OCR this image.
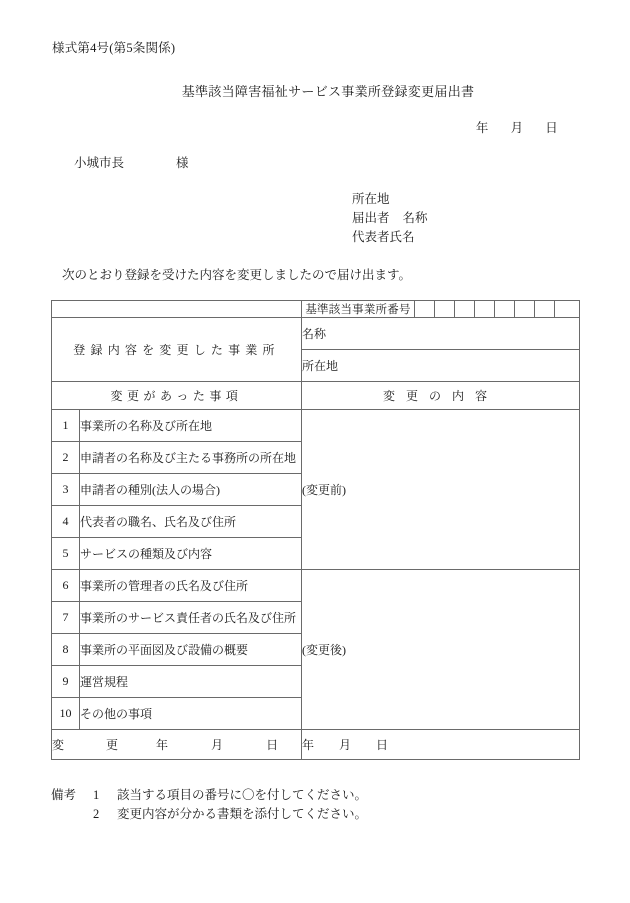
様式第4号(第5条関係)
基準該当障害福祉サービス事業所登録変更届出書
年 月 日
小城市長	様
所在地
届出者 名称
代表者氏名
次のとおり登録を受けた内容を変更しましたので届け出ます。
		基準該当事業所番号								
登録内容を変更した事業所		名称								
		所在地								
変更があった事項		変更の内容								
1	事業所の名称及び所在地	(変更前)								
2	申請者の名称及び主たる事務所の所在地									
3	申請者の種別(法人の場合)									
4	代表者の職名、氏名及び住所									
5	サービスの種類及び内容									
6	事業所の管理者の氏名及び住所	(変更後)								
7	事業所のサービス責任者の氏名及び住所									
8	事業所の平面図及び設備の概要									
9	運営規程									
10	その他の事項									
変 更 年 月 日		年 月 日								
備考 1 該当する項目の番号に〇を付してください。
2 変更内容が分かる書類を添付してください。
